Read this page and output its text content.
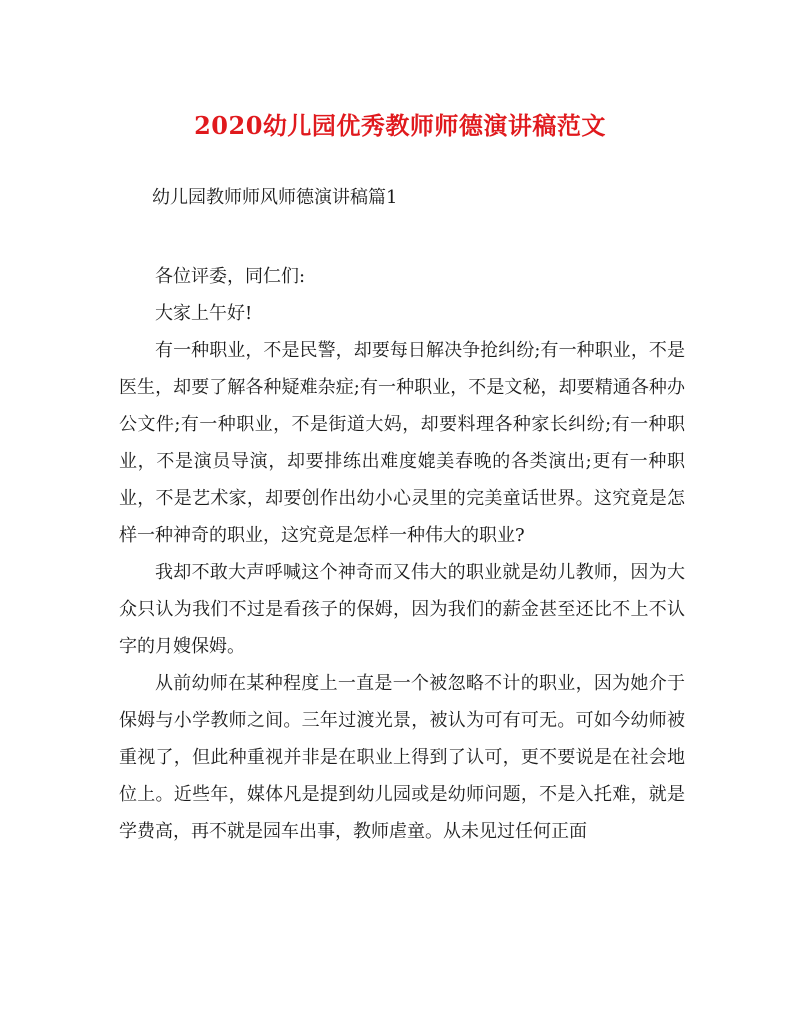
2020幼儿园优秀教师师德演讲稿范文
幼儿园教师师风师德演讲稿篇1

各位评委，同仁们:

大家上午好!

有一种职业，不是民警，却要每日解决争抢纠纷;有一种职业，不是医生，却要了解各种疑难杂症;有一种职业，不是文秘，却要精通各种办公文件;有一种职业，不是街道大妈，却要料理各种家长纠纷;有一种职业，不是演员导演，却要排练出难度媲美春晚的各类演出;更有一种职业，不是艺术家，却要创作出幼小心灵里的完美童话世界。这究竟是怎样一种神奇的职业，这究竟是怎样一种伟大的职业?

我却不敢大声呼喊这个神奇而又伟大的职业就是幼儿教师，因为大众只认为我们不过是看孩子的保姆，因为我们的薪金甚至还比不上不认字的月嫂保姆。

从前幼师在某种程度上一直是一个被忽略不计的职业，因为她介于保姆与小学教师之间。三年过渡光景，被认为可有可无。可如今幼师被重视了，但此种重视并非是在职业上得到了认可，更不要说是在社会地位上。近些年，媒体凡是提到幼儿园或是幼师问题，不是入托难，就是学费高，再不就是园车出事，教师虐童。从未见过任何正面
